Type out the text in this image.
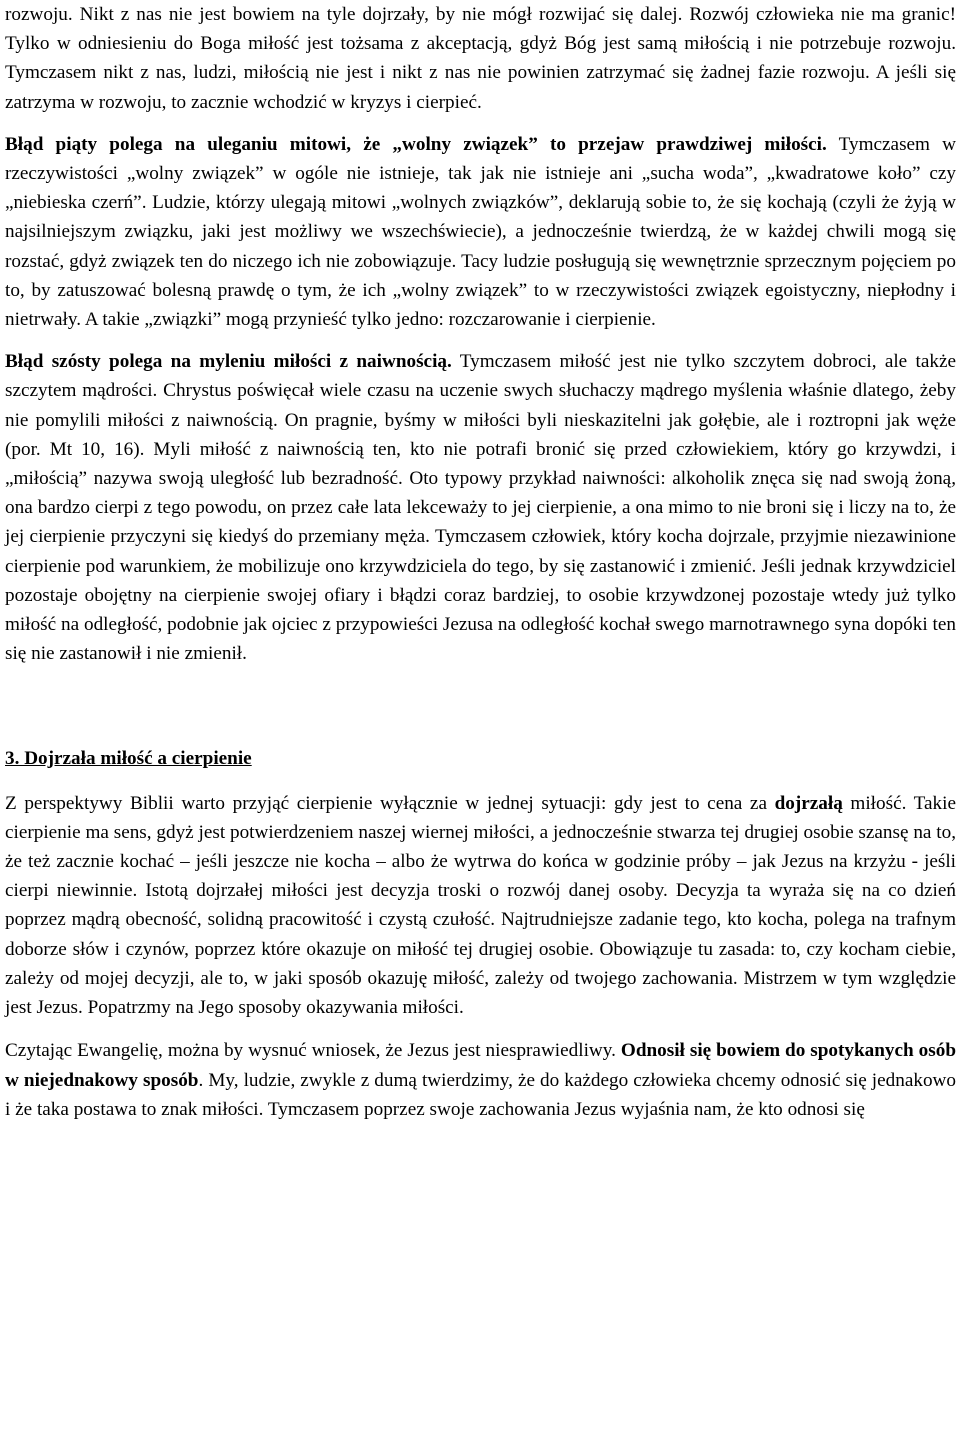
rozwoju. Nikt z nas nie jest bowiem na tyle dojrzały, by nie mógł rozwijać się dalej. Rozwój człowieka nie ma granic! Tylko w odniesieniu do Boga miłość jest tożsama z akceptacją, gdyż Bóg jest samą miłością i nie potrzebuje rozwoju. Tymczasem nikt z nas, ludzi, miłością nie jest i nikt z nas nie powinien zatrzymać się żadnej fazie rozwoju. A jeśli się zatrzyma w rozwoju, to zacznie wchodzić w kryzys i cierpieć.

Błąd piąty polega na uleganiu mitowi, że „wolny związek” to przejaw prawdziwej miłości. Tymczasem w rzeczywistości „wolny związek” w ogóle nie istnieje, tak jak nie istnieje ani „sucha woda”, „kwadratowe koło” czy „niebieska czerń”. Ludzie, którzy ulegają mitowi „wolnych związków”, deklarują sobie to, że się kochają (czyli że żyją w najsilniejszym związku, jaki jest możliwy we wszechświecie), a jednocześnie twierdzą, że w każdej chwili mogą się rozstać, gdyż związek ten do niczego ich nie zobowiązuje. Tacy ludzie posługują się wewnętrznie sprzecznym pojęciem po to, by zatuszować bolesną prawdę o tym, że ich „wolny związek” to w rzeczywistości związek egoistyczny, niepłodny i nietrwały. A takie „związki” mogą przynieść tylko jedno: rozczarowanie i cierpienie.

Błąd szósty polega na myleniu miłości z naiwnością. Tymczasem miłość jest nie tylko szczytem dobroci, ale także szczytem mądrości. Chrystus poświęcał wiele czasu na uczenie swych słuchaczy mądrego myślenia właśnie dlatego, żeby nie pomylili miłości z naiwnością. On pragnie, byśmy w miłości byli nieskazitelni jak gołębie, ale i roztropni jak węże (por. Mt 10, 16). Myli miłość z naiwnością ten, kto nie potrafi bronić się przed człowiekiem, który go krzywdzi, i „miłością” nazywa swoją uległość lub bezradność. Oto typowy przykład naiwności: alkoholik znęca się nad swoją żoną, ona bardzo cierpi z tego powodu, on przez całe lata lekceważy to jej cierpienie, a ona mimo to nie broni się i liczy na to, że jej cierpienie przyczyni się kiedyś do przemiany męża. Tymczasem człowiek, który kocha dojrzale, przyjmie niezawinione cierpienie pod warunkiem, że mobilizuje ono krzywdziciela do tego, by się zastanowić i zmienić. Jeśli jednak krzywdziciel pozostaje obojętny na cierpienie swojej ofiary i błądzi coraz bardziej, to osobie krzywdzonej pozostaje wtedy już tylko miłość na odległość, podobnie jak ojciec z przypowieści Jezusa na odległość kochał swego marnotrawnego syna dopóki ten się nie zastanowił i nie zmienił.

3. Dojrzała miłość a cierpienie

Z perspektywy Biblii warto przyjąć cierpienie wyłącznie w jednej sytuacji: gdy jest to cena za dojrzałą miłość. Takie cierpienie ma sens, gdyż jest potwierdzeniem naszej wiernej miłości, a jednocześnie stwarza tej drugiej osobie szansę na to, że też zacznie kochać – jeśli jeszcze nie kocha – albo że wytrwa do końca w godzinie próby – jak Jezus na krzyżu - jeśli cierpi niewinnie. Istotą dojrzałej miłości jest decyzja troski o rozwój danej osoby. Decyzja ta wyraża się na co dzień poprzez mądrą obecność, solidną pracowitość i czystą czułość. Najtrudniejsze zadanie tego, kto kocha, polega na trafnym doborze słów i czynów, poprzez które okazuje on miłość tej drugiej osobie. Obowiązuje tu zasada: to, czy kocham ciebie, zależy od mojej decyzji, ale to, w jaki sposób okazuję miłość, zależy od twojego zachowania. Mistrzem w tym względzie jest Jezus. Popatrzmy na Jego sposoby okazywania miłości.

Czytając Ewangelię, można by wysnuć wniosek, że Jezus jest niesprawiedliwy. Odnosił się bowiem do spotykanych osób w niejednakowy sposób. My, ludzie, zwykle z dumą twierdzimy, że do każdego człowieka chcemy odnosić się jednakowo i że taka postawa to znak miłości. Tymczasem poprzez swoje zachowania Jezus wyjaśnia nam, że kto odnosi się
